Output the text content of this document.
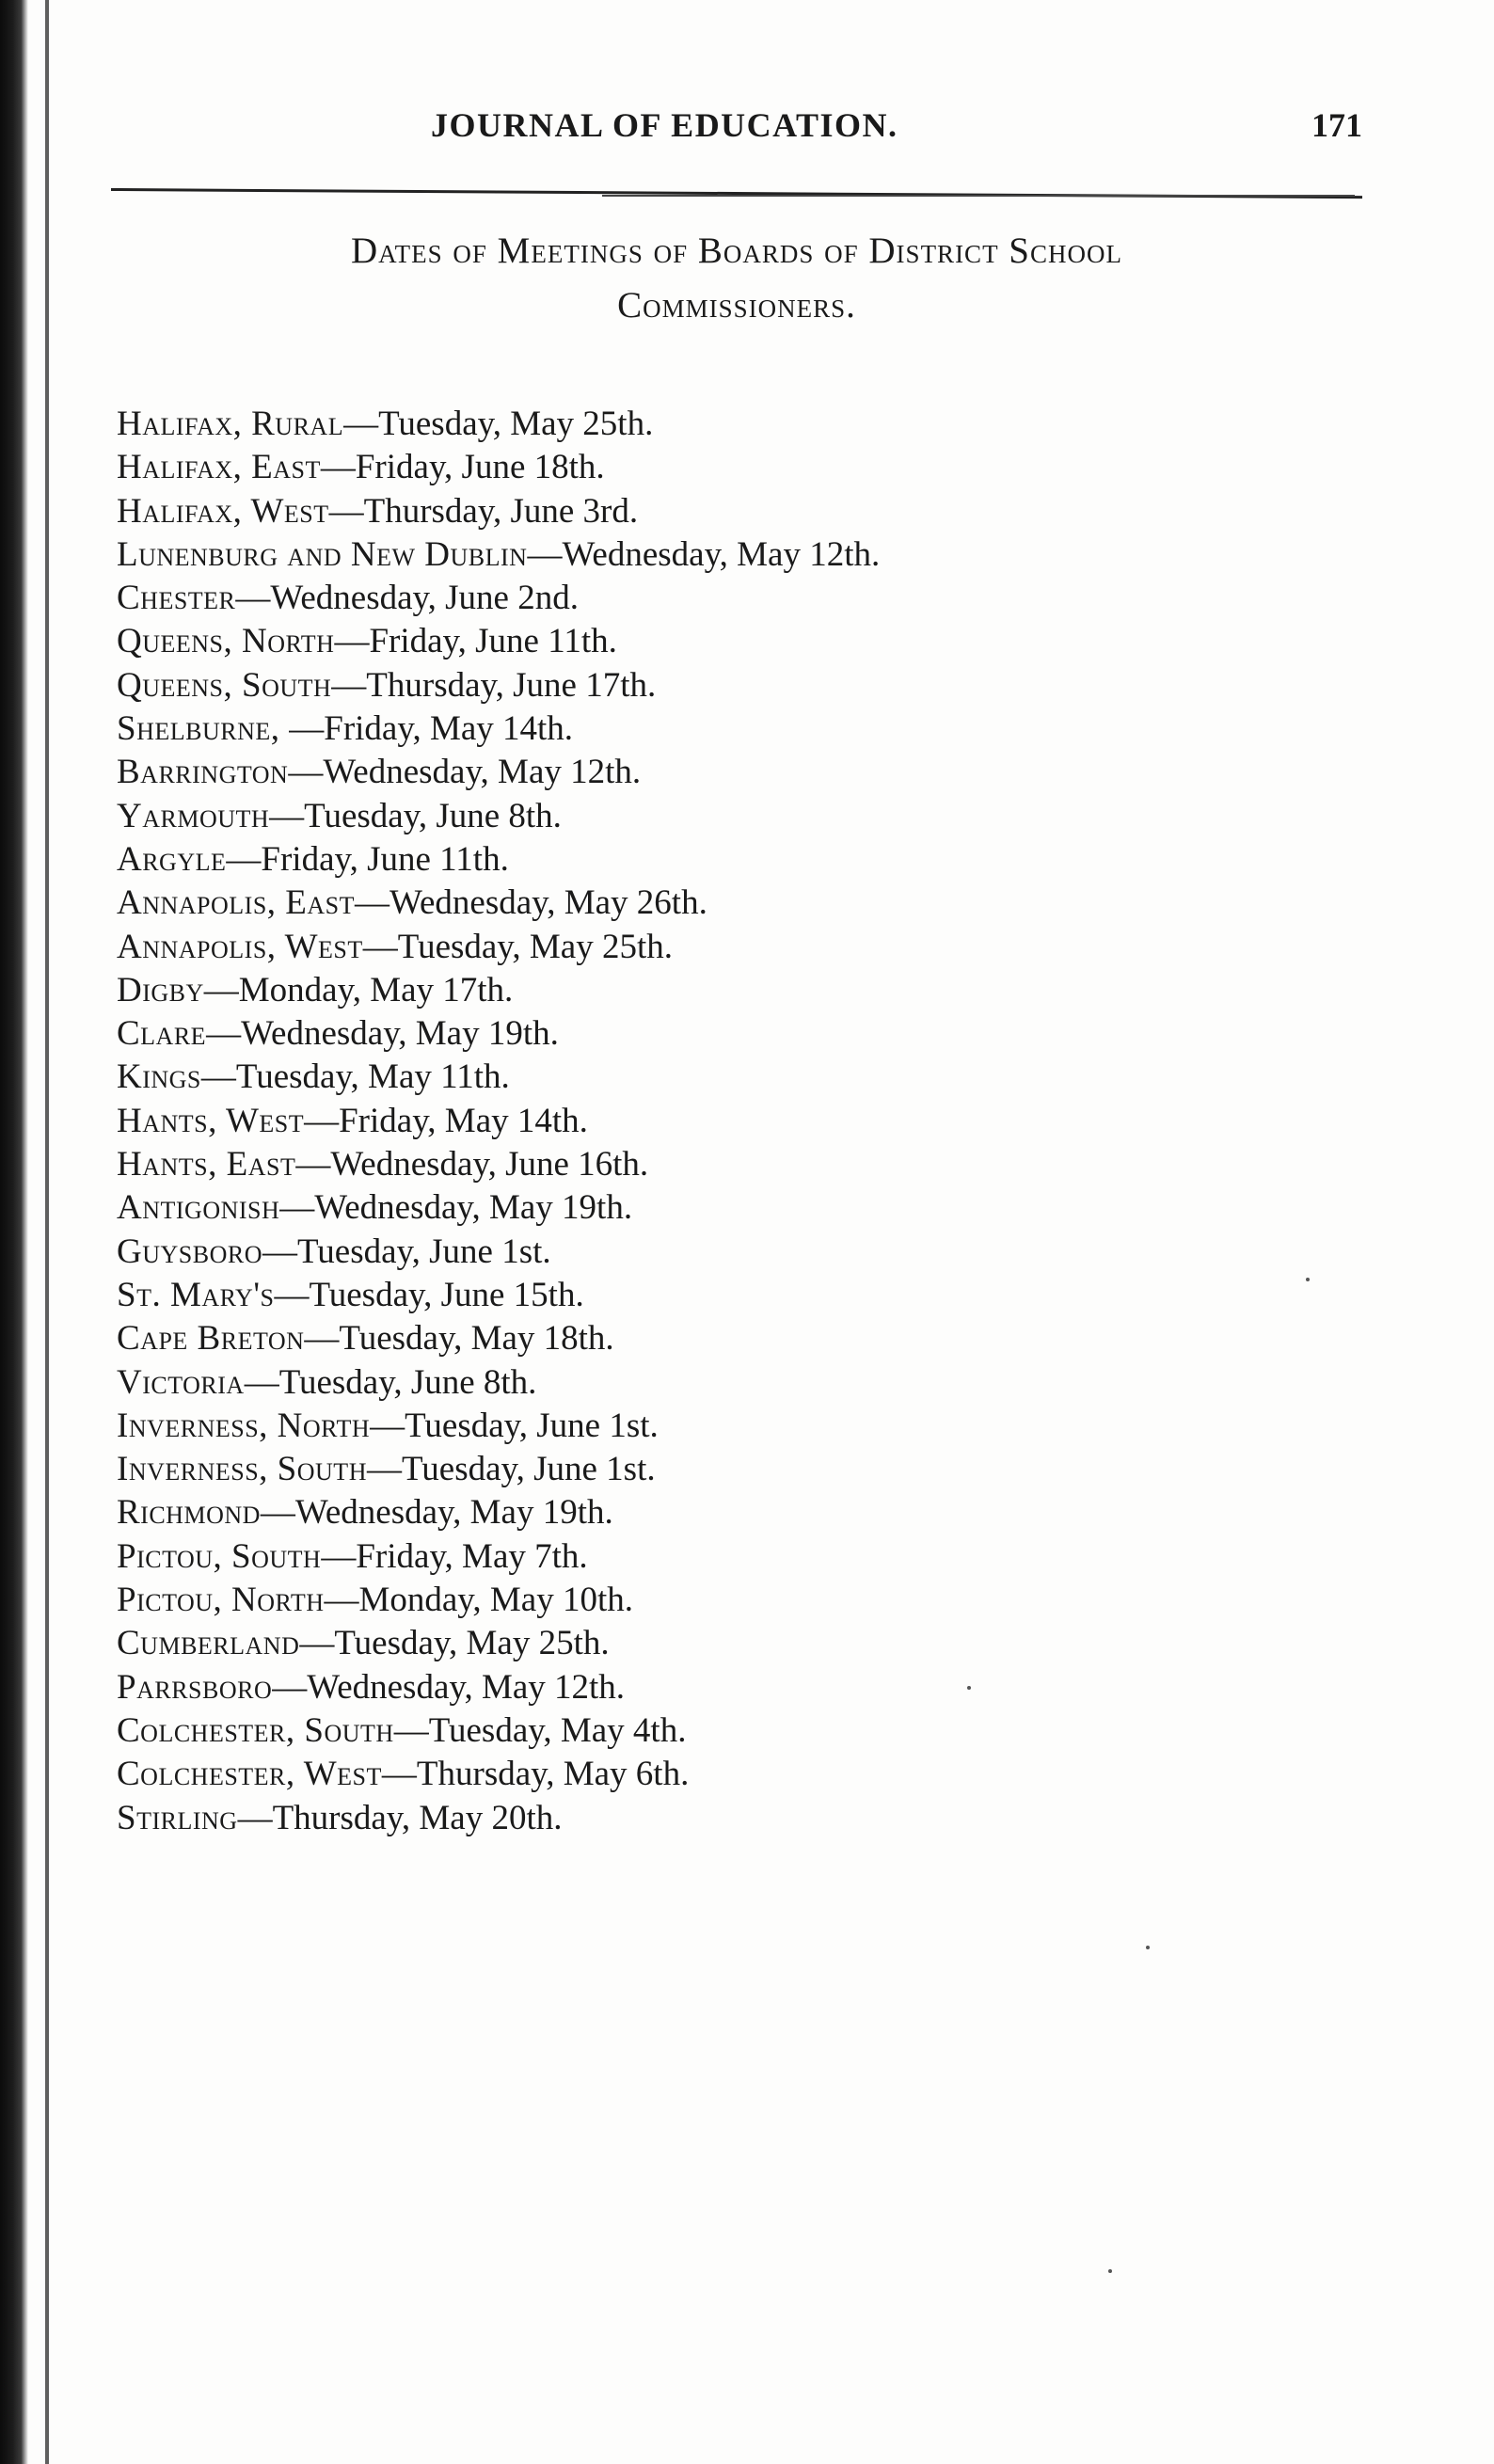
JOURNAL OF EDUCATION.	171
Dates of Meetings of Boards of District School
Commissioners.
Halifax, Rural—Tuesday, May 25th.
Halifax, East—Friday, June 18th.
Halifax, West—Thursday, June 3rd.
Lunenburg and New Dublin—Wednesday, May 12th.
Chester—Wednesday, June 2nd.
Queens, North—Friday, June 11th.
Queens, South—Thursday, June 17th.
Shelburne, —Friday, May 14th.
Barrington—Wednesday, May 12th.
Yarmouth—Tuesday, June 8th.
Argyle—Friday, June 11th.
Annapolis, East—Wednesday, May 26th.
Annapolis, West—Tuesday, May 25th.
Digby—Monday, May 17th.
Clare—Wednesday, May 19th.
Kings—Tuesday, May 11th.
Hants, West—Friday, May 14th.
Hants, East—Wednesday, June 16th.
Antigonish—Wednesday, May 19th.
Guysboro—Tuesday, June 1st.
St. Mary's—Tuesday, June 15th.
Cape Breton—Tuesday, May 18th.
Victoria—Tuesday, June 8th.
Inverness, North—Tuesday, June 1st.
Inverness, South—Tuesday, June 1st.
Richmond—Wednesday, May 19th.
Pictou, South—Friday, May 7th.
Pictou, North—Monday, May 10th.
Cumberland—Tuesday, May 25th.
Parrsboro—Wednesday, May 12th.
Colchester, South—Tuesday, May 4th.
Colchester, West—Thursday, May 6th.
Stirling—Thursday, May 20th.
